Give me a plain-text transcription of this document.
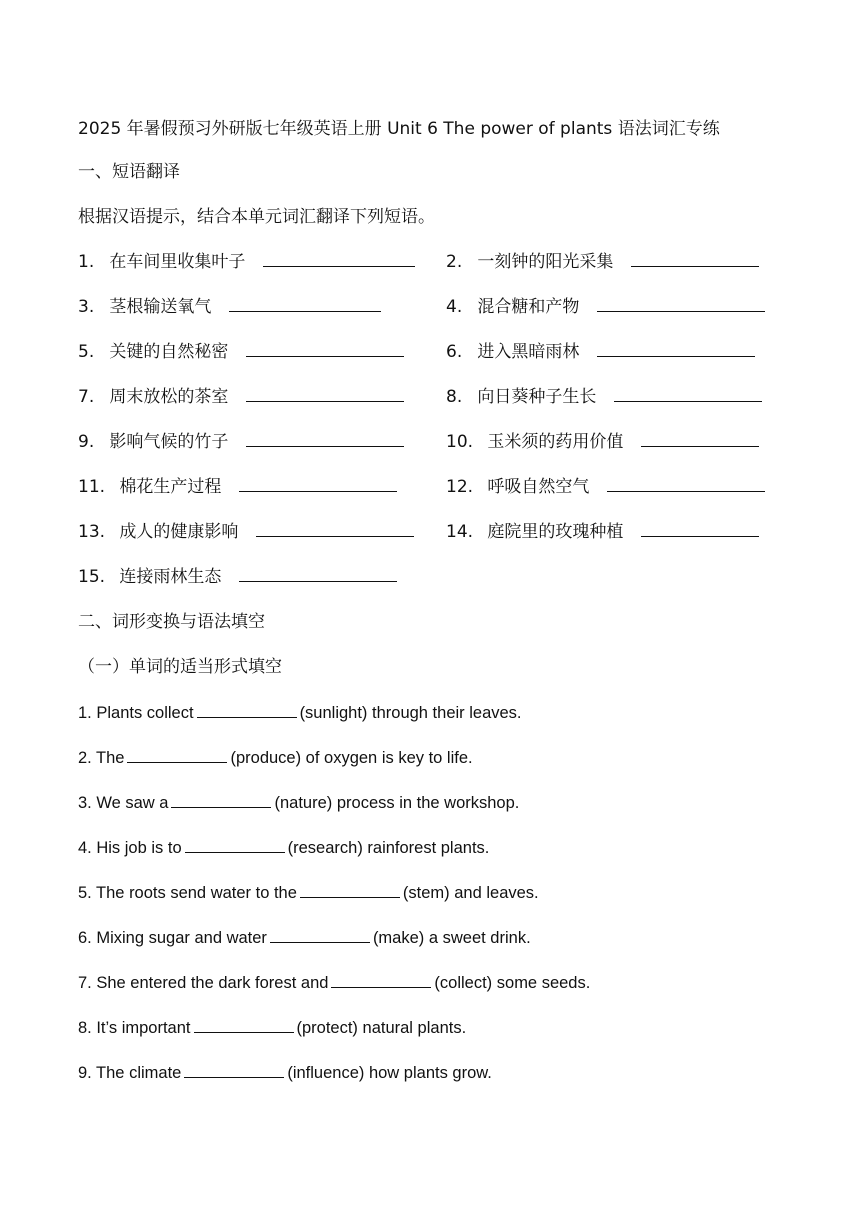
2025 年暑假预习外研版七年级英语上册 Unit 6 The power of plants 语法词汇专练
一、短语翻译
根据汉语提示，结合本单元词汇翻译下列短语。
1. 在车间里收集叶子	2. 一刻钟的阳光采集
3. 茎根输送氧气	4. 混合糖和产物
5. 关键的自然秘密	6. 进入黑暗雨林
7. 周末放松的茶室	8. 向日葵种子生长
9. 影响气候的竹子	10. 玉米须的药用价值
11. 棉花生产过程	12. 呼吸自然空气
13. 成人的健康影响	14. 庭院里的玫瑰种植
15. 连接雨林生态
二、词形变换与语法填空
（一）单词的适当形式填空
1. Plants collect	(sunlight) through their leaves.
2. The	(produce) of oxygen is key to life.
3. We saw a	(nature) process in the workshop.
4. His job is to	(research) rainforest plants.
5. The roots send water to the	(stem) and leaves.
6. Mixing sugar and water	(make) a sweet drink.
7. She entered the dark forest and	(collect) some seeds.
8. It’s important	(protect) natural plants.
9. The climate	(influence) how plants grow.
